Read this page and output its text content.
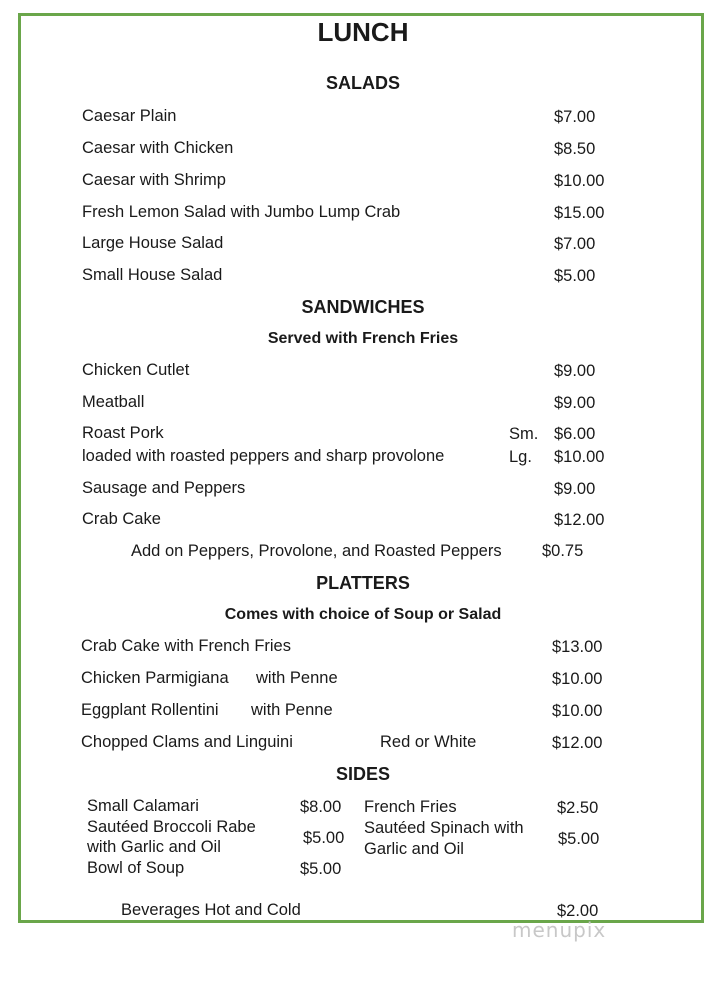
LUNCH
SALADS
Caesar Plain	$7.00
Caesar with Chicken	$8.50
Caesar with Shrimp	$10.00
Fresh Lemon Salad with Jumbo Lump Crab	$15.00
Large House Salad	$7.00
Small House Salad	$5.00
SANDWICHES
Served with French Fries
Chicken Cutlet	$9.00
Meatball	$9.00
Roast Pork	Sm. $6.00
loaded with roasted peppers and sharp provolone	Lg. $10.00
Sausage and Peppers	$9.00
Crab Cake	$12.00
Add on Peppers, Provolone, and Roasted Peppers $0.75
PLATTERS
Comes with choice of Soup or Salad
Crab Cake with French Fries	$13.00
Chicken Parmigiana with Penne	$10.00
Eggplant Rollentini with Penne	$10.00
Chopped Clams and Linguini	Red or White	$12.00
SIDES
Small Calamari	$8.00
Sautéed Broccoli Rabe
with Garlic and Oil	$5.00
Bowl of Soup	$5.00
French Fries	$2.50
Sautéed Spinach with
Garlic and Oil
$5.00
Beverages Hot and Cold	$2.00
menupix
